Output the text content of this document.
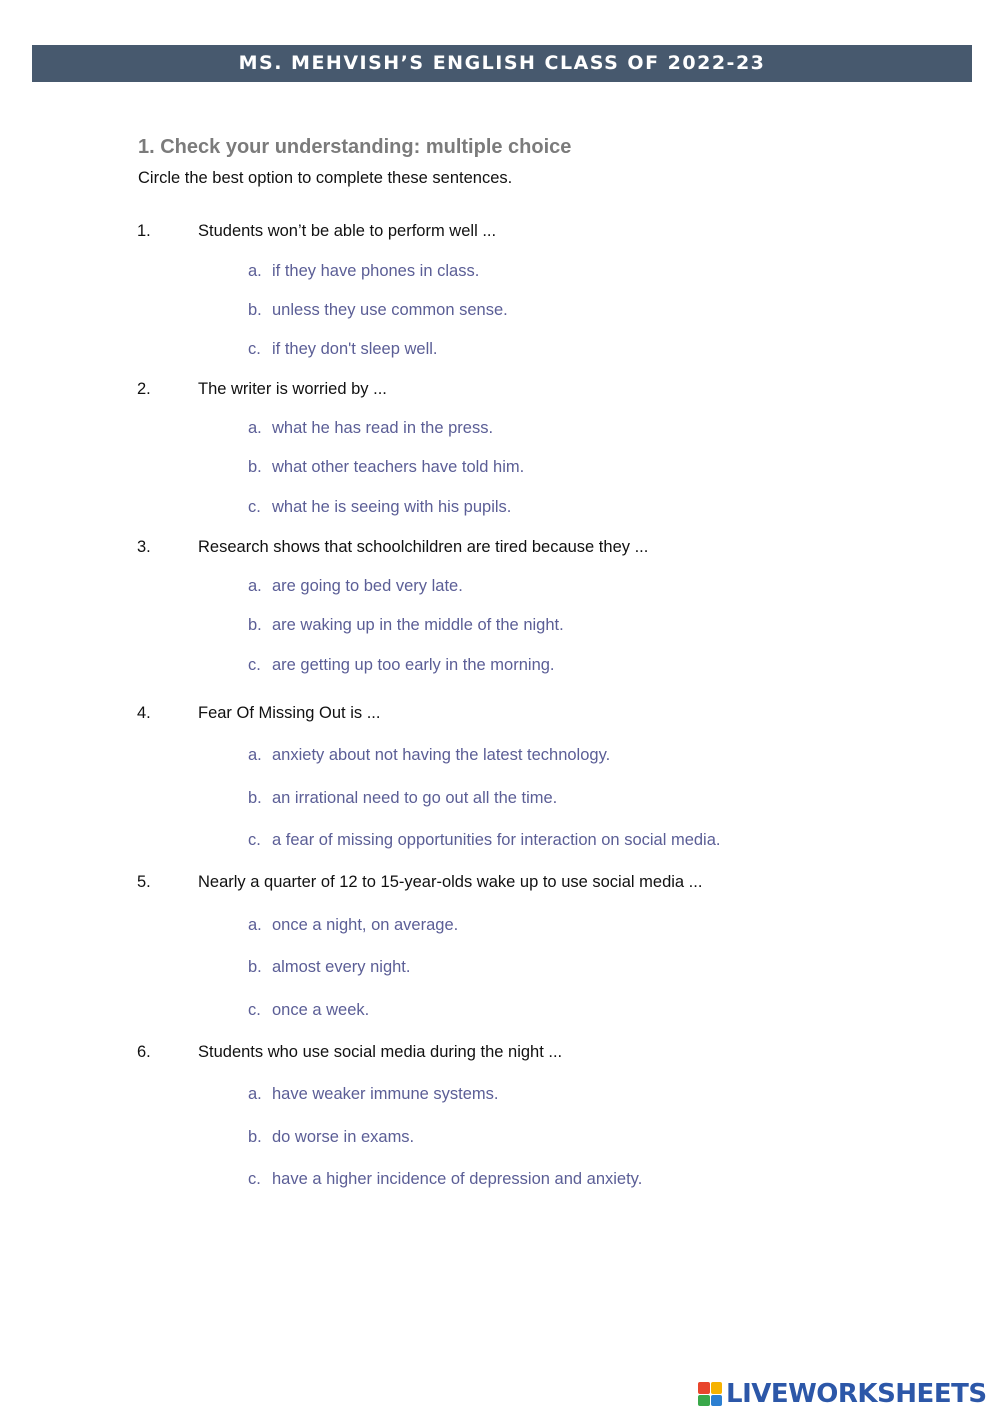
MS. MEHVISH’S ENGLISH CLASS OF 2022-23
1. Check your understanding: multiple choice
Circle the best option to complete these sentences.
1.	Students won’t be able to perform well ...
a. if they have phones in class.
b. unless they use common sense.
c. if they don't sleep well.
2.	The writer is worried by ...
a. what he has read in the press.
b. what other teachers have told him.
c. what he is seeing with his pupils.
3.	Research shows that schoolchildren are tired because they ...
a. are going to bed very late.
b. are waking up in the middle of the night.
c. are getting up too early in the morning.
4.	Fear Of Missing Out is ...
a. anxiety about not having the latest technology.
b. an irrational need to go out all the time.
c. a fear of missing opportunities for interaction on social media.
5.	Nearly a quarter of 12 to 15-year-olds wake up to use social media ...
a. once a night, on average.
b. almost every night.
c. once a week.
6.	Students who use social media during the night ...
a. have weaker immune systems.
b. do worse in exams.
c. have a higher incidence of depression and anxiety.
LIVEWORKSHEETS
